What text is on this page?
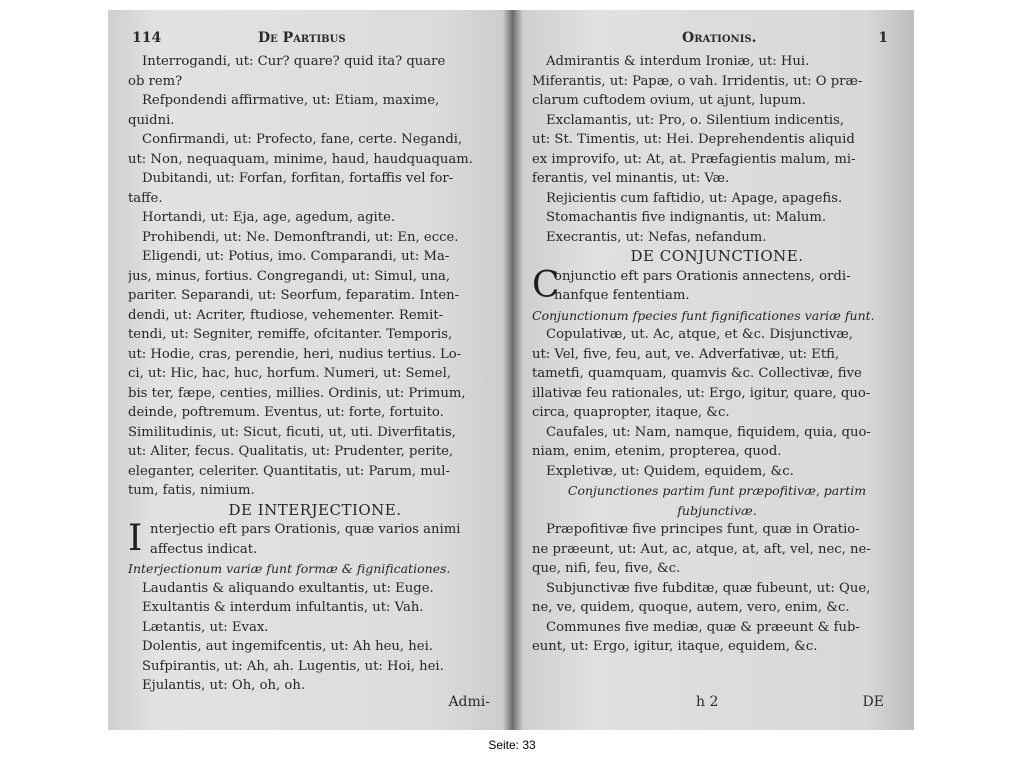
114	De Partibus
Interrogandi, ut: Cur? quare? quid ita? quare
ob rem?
Refpondendi affirmative, ut: Etiam, maxime,
quidni.
Confirmandi, ut: Profecto, fane, certe. Negandi,
ut: Non, nequaquam, minime, haud, haudquaquam.
Dubitandi, ut: Forfan, forfitan, fortaffis vel for-
taffe.
Hortandi, ut: Eja, age, agedum, agite.
Prohibendi, ut: Ne. Demonftrandi, ut: En, ecce.
Eligendi, ut: Potius, imo. Comparandi, ut: Ma-
jus, minus, fortius. Congregandi, ut: Simul, una,
pariter. Separandi, ut: Seorfum, feparatim. Inten-
dendi, ut: Acriter, ftudiose, vehementer. Remit-
tendi, ut: Segniter, remiffe, ofcitanter. Temporis,
ut: Hodie, cras, perendie, heri, nudius tertius. Lo-
ci, ut: Hic, hac, huc, horfum. Numeri, ut: Semel,
bis ter, fæpe, centies, millies. Ordinis, ut: Primum,
deinde, poftremum. Eventus, ut: forte, fortuito.
Similitudinis, ut: Sicut, ficuti, ut, uti. Diverfitatis,
ut: Aliter, fecus. Qualitatis, ut: Prudenter, perite,
eleganter, celeriter. Quantitatis, ut: Parum, mul-
tum, fatis, nimium.
DE INTERJECTIONE.
I nterjectio eft pars Orationis, quæ varios animi
affectus indicat.
Interjectionum variæ funt formæ & fignificationes.
Laudantis & aliquando exultantis, ut: Euge.
Exultantis & interdum infultantis, ut: Vah.
Lætantis, ut: Evax.
Dolentis, aut ingemifcentis, ut: Ah heu, hei.
Sufpirantis, ut: Ah, ah. Lugentis, ut: Hoi, hei.
Ejulantis, ut: Oh, oh, oh.
Admi-
Orationis.	1
Admirantis & interdum Ironiæ, ut: Hui.
Miferantis, ut: Papæ, o vah. Irridentis, ut: O præ-
clarum cuftodem ovium, ut ajunt, lupum.
Exclamantis, ut: Pro, o. Silentium indicentis,
ut: St. Timentis, ut: Hei. Deprehendentis aliquid
ex improvifo, ut: At, at. Præfagientis malum, mi-
ferantis, vel minantis, ut: Væ.
Rejicientis cum faftidio, ut: Apage, apagefis.
Stomachantis five indignantis, ut: Malum.
Execrantis, ut: Nefas, nefandum.
DE CONJUNCTIONE.
C
onjunctio eft pars Orationis annectens, ordi-
nanfque fententiam.
Conjunctionum fpecies funt fignificationes variæ funt.
Copulativæ, ut. Ac, atque, et &c. Disjunctivæ,
ut: Vel, five, feu, aut, ve. Adverfativæ, ut: Etfi,
tametfi, quamquam, quamvis &c. Collectivæ, five
illativæ feu rationales, ut: Ergo, igitur, quare, quo-
circa, quapropter, itaque, &c.
Caufales, ut: Nam, namque, fiquidem, quia, quo-
niam, enim, etenim, propterea, quod.
Expletivæ, ut: Quidem, equidem, &c.
Conjunctiones partim funt præpofitivæ, partim
fubjunctivæ.
Præpofitivæ five principes funt, quæ in Oratio-
ne præeunt, ut: Aut, ac, atque, at, aft, vel, nec, ne-
que, nifi, feu, five, &c.
Subjunctivæ five fubditæ, quæ fubeunt, ut: Que,
ne, ve, quidem, quoque, autem, vero, enim, &c.
Communes five mediæ, quæ & præeunt & fub-
eunt, ut: Ergo, igitur, itaque, equidem, &c.
h 2	DE
Seite: 33
